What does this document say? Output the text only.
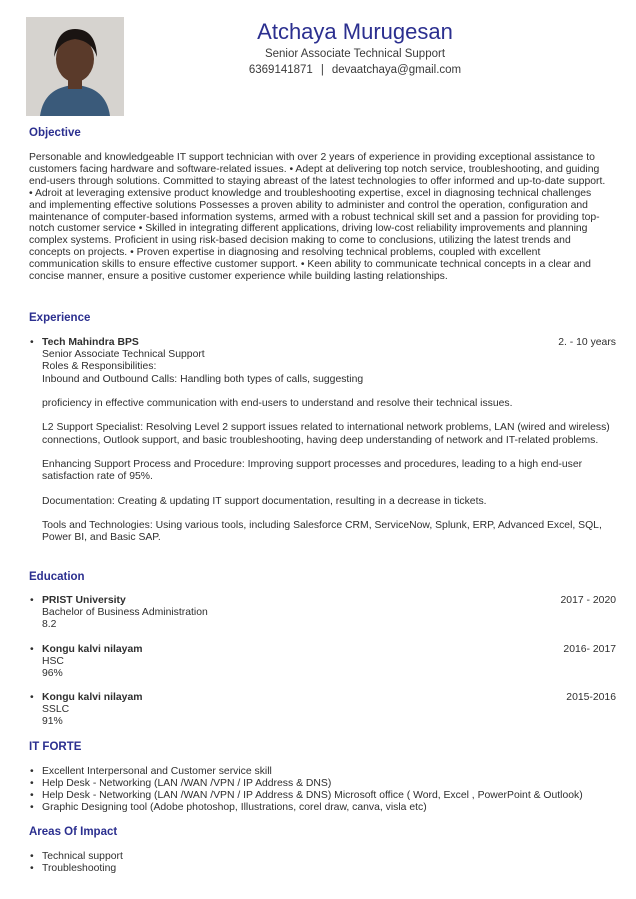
Atchaya Murugesan
Senior Associate Technical Support
6369141871 | devaatchaya@gmail.com
Objective
Personable and knowledgeable IT support technician with over 2 years of experience in providing exceptional assistance to customers facing hardware and software-related issues. • Adept at delivering top notch service, troubleshooting, and guiding end-users through solutions. Committed to staying abreast of the latest technologies to offer informed and up-to-date support. • Adroit at leveraging extensive product knowledge and troubleshooting expertise, excel in diagnosing technical challenges and implementing effective solutions Possesses a proven ability to administer and control the operation, configuration and maintenance of computer-based information systems, armed with a robust technical skill set and a passion for providing top-notch customer service • Skilled in integrating different applications, driving low-cost reliability improvements and planning complex systems. Proficient in using risk-based decision making to come to conclusions, utilizing the latest trends and concepts on projects. • Proven expertise in diagnosing and resolving technical problems, coupled with excellent communication skills to ensure effective customer support. • Keen ability to communicate technical concepts in a clear and concise manner, ensure a positive customer experience while building lasting relationships.
Experience
• Tech Mahindra BPS	2. - 10 years
Senior Associate Technical Support
Roles & Responsibilities:
Inbound and Outbound Calls: Handling both types of calls, suggesting
proficiency in effective communication with end-users to understand and resolve their technical issues.
L2 Support Specialist: Resolving Level 2 support issues related to international network problems, LAN (wired and wireless) connections, Outlook support, and basic troubleshooting, having deep understanding of network and IT-related problems.
Enhancing Support Process and Procedure: Improving support processes and procedures, leading to a high end-user satisfaction rate of 95%.
Documentation: Creating & updating IT support documentation, resulting in a decrease in tickets.
Tools and Technologies: Using various tools, including Salesforce CRM, ServiceNow, Splunk, ERP, Advanced Excel, SQL, Power BI, and Basic SAP.
Education
• PRIST University	2017 - 2020
Bachelor of Business Administration
8.2
• Kongu kalvi nilayam	2016- 2017
HSC
96%
• Kongu kalvi nilayam	2015-2016
SSLC
91%
IT FORTE
• Excellent Interpersonal and Customer service skill
• Help Desk - Networking (LAN /WAN /VPN / IP Address & DNS)
• Help Desk - Networking (LAN /WAN /VPN / IP Address & DNS) Microsoft office ( Word, Excel , PowerPoint & Outlook)
• Graphic Designing tool (Adobe photoshop, Illustrations, corel draw, canva, visla etc)
Areas Of Impact
• Technical support
• Troubleshooting
